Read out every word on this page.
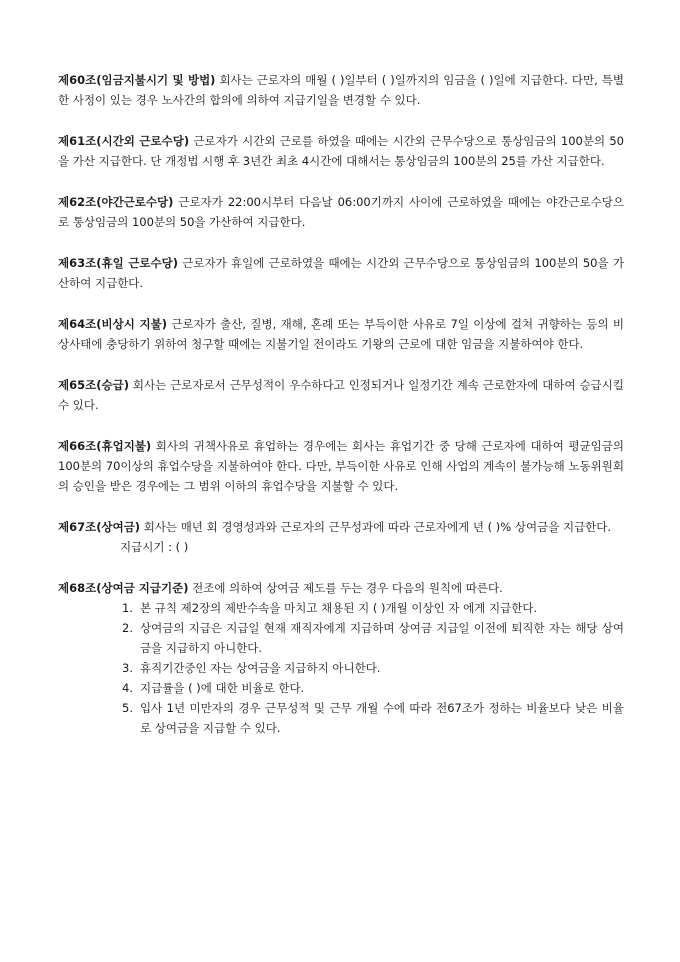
제60조(임금지불시기 및 방법) 회사는 근로자의 매월 ( )일부터 ( )일까지의 임금을 ( )일에 지급한다. 다만, 특별한 사정이 있는 경우 노사간의 합의에 의하여 지급기일을 변경할 수 있다.

제61조(시간외 근로수당) 근로자가 시간외 근로를 하였을 때에는 시간외 근무수당으로 통상임금의 100분의 50을 가산 지급한다. 단 개정법 시행 후 3년간 최초 4시간에 대해서는 통상임금의 100분의 25를 가산 지급한다.

제62조(야간근로수당) 근로자가 22:00시부터 다음날 06:00기까지 사이에 근로하였을 때에는 야간근로수당으로 통상임금의 100분의 50을 가산하여 지급한다.

제63조(휴일 근로수당) 근로자가 휴일에 근로하였을 때에는 시간외 근무수당으로 통상임금의 100분의 50을 가산하여 지급한다.

제64조(비상시 지불) 근로자가 출산, 질병, 재해, 혼례 또는 부득이한 사유로 7일 이상에 걸쳐 귀향하는 등의 비상사태에 충당하기 위하여 청구할 때에는 지불기일 전이라도 기왕의 근로에 대한 임금을 지불하여야 한다.

제65조(승급) 회사는 근로자로서 근무성적이 우수하다고 인정되거나 일정기간 계속 근로한자에 대하여 승급시킬 수 있다.

제66조(휴업지불) 회사의 귀책사유로 휴업하는 경우에는 회사는 휴업기간 중 당해 근로자에 대하여 평균임금의 100분의 70이상의 휴업수당을 지불하여야 한다. 다만, 부득이한 사유로 인해 사업의 계속이 불가능해 노동위원회의 승인을 받은 경우에는 그 범위 이하의 휴업수당을 지불할 수 있다.

제67조(상여금) 회사는 매년 회 경영성과와 근로자의 근무성과에 따라 근로자에게 년 ( )% 상여금을 지급한다.
지급시기 : ( )
제68조(상여금 지급기준) 전조에 의하여 상여금 제도를 두는 경우 다음의 원칙에 따른다.
1. 본 규칙 제2장의 제반수속을 마치고 채용된 지 ( )개월 이상인 자 에게 지급한다.
2. 상여금의 지급은 지급일 현재 재직자에게 지급하며 상여금 지급일 이전에 퇴직한 자는 해당 상여금을 지급하지 아니한다.
3. 휴직기간중인 자는 상여금을 지급하지 아니한다.
4. 지급률을 ( )에 대한 비율로 한다.
5. 입사 1년 미만자의 경우 근무성적 및 근무 개월 수에 따라 전67조가 정하는 비율보다 낮은 비율로 상여금을 지급할 수 있다.
